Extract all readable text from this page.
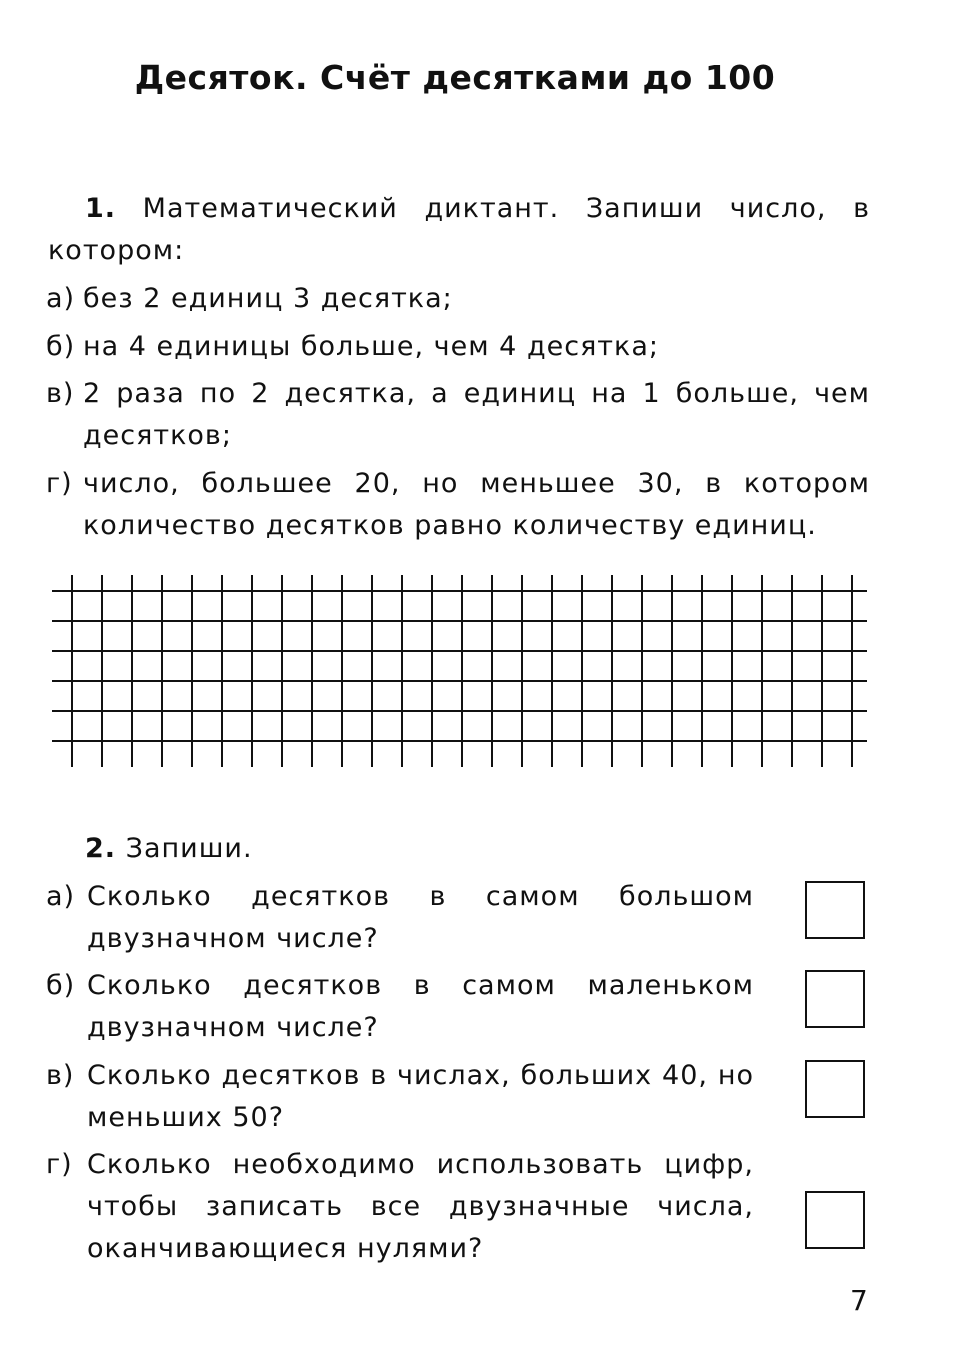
Десяток. Счёт десятками до 100
1. Математический диктант. Запиши число, в котором:
а) без 2 единиц 3 десятка;
б) на 4 единицы больше, чем 4 десятка;
в) 2 раза по 2 десятка, а единиц на 1 больше, чем десятков;
г) число, большее 20, но меньшее 30, в котором количество десятков равно количеству единиц.
2. Запиши.
а) Сколько десятков в самом большом двузначном числе?
б) Сколько десятков в самом маленьком двузначном числе?
в) Сколько десятков в числах, больших 40, но меньших 50?
г) Сколько необходимо использовать цифр, чтобы записать все двузначные числа, оканчивающиеся нулями?
7
